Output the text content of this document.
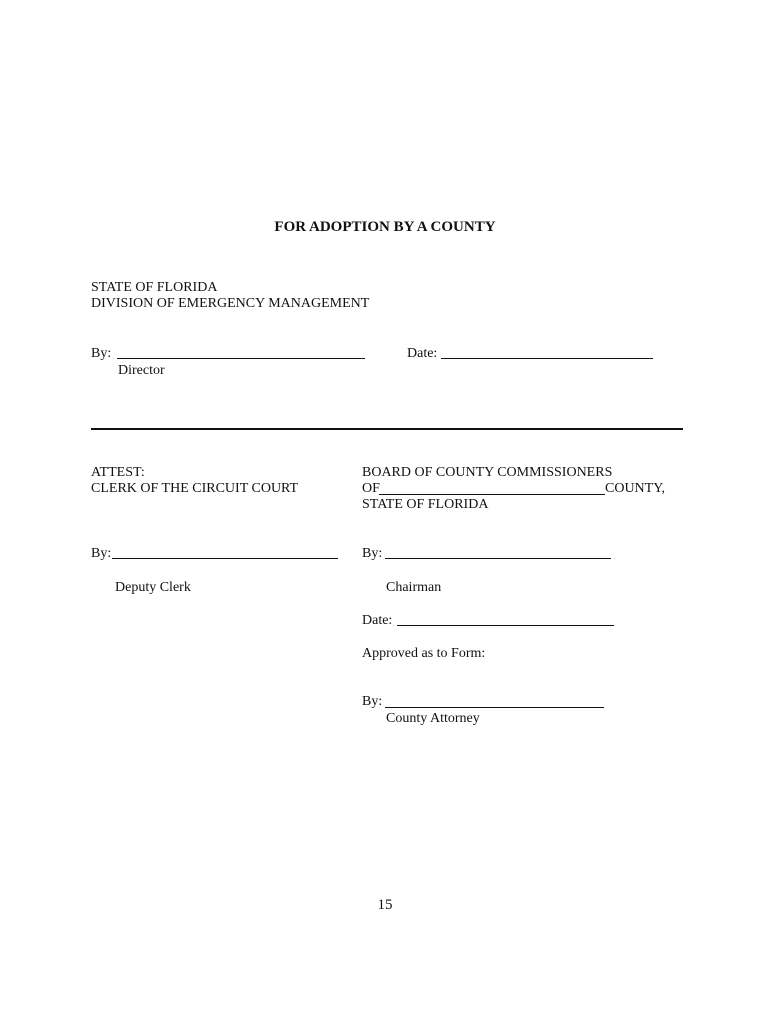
FOR ADOPTION BY A COUNTY
STATE OF FLORIDA
DIVISION OF EMERGENCY MANAGEMENT
By:
Director
Date:
ATTEST:
CLERK OF THE CIRCUIT COURT
By:
Deputy Clerk
BOARD OF COUNTY COMMISSIONERS
OF	COUNTY,
STATE OF FLORIDA
By:
Chairman
Date:
Approved as to Form:
By:
County Attorney
15
